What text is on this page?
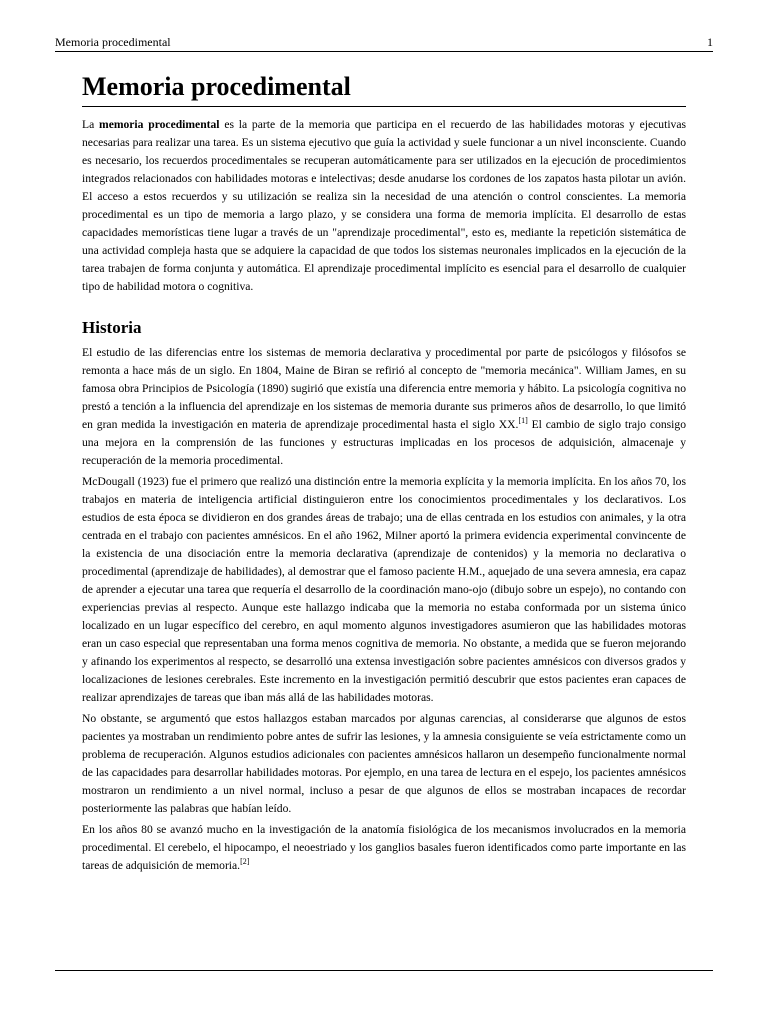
Memoria procedimental	1
Memoria procedimental

La memoria procedimental es la parte de la memoria que participa en el recuerdo de las habilidades motoras y ejecutivas necesarias para realizar una tarea. Es un sistema ejecutivo que guía la actividad y suele funcionar a un nivel inconsciente. Cuando es necesario, los recuerdos procedimentales se recuperan automáticamente para ser utilizados en la ejecución de procedimientos integrados relacionados con habilidades motoras e intelectivas; desde anudarse los cordones de los zapatos hasta pilotar un avión. El acceso a estos recuerdos y su utilización se realiza sin la necesidad de una atención o control conscientes. La memoria procedimental es un tipo de memoria a largo plazo, y se considera una forma de memoria implícita. El desarrollo de estas capacidades memorísticas tiene lugar a través de un "aprendizaje procedimental", esto es, mediante la repetición sistemática de una actividad compleja hasta que se adquiere la capacidad de que todos los sistemas neuronales implicados en la ejecución de la tarea trabajen de forma conjunta y automática. El aprendizaje procedimental implícito es esencial para el desarrollo de cualquier tipo de habilidad motora o cognitiva.

Historia

El estudio de las diferencias entre los sistemas de memoria declarativa y procedimental por parte de psicólogos y filósofos se remonta a hace más de un siglo. En 1804, Maine de Biran se refirió al concepto de "memoria mecánica". William James, en su famosa obra Principios de Psicología (1890) sugirió que existía una diferencia entre memoria y hábito. La psicología cognitiva no prestó a tención a la influencia del aprendizaje en los sistemas de memoria durante sus primeros años de desarrollo, lo que limitó en gran medida la investigación en materia de aprendizaje procedimental hasta el siglo XX.[1] El cambio de siglo trajo consigo una mejora en la comprensión de las funciones y estructuras implicadas en los procesos de adquisición, almacenaje y recuperación de la memoria procedimental.

McDougall (1923) fue el primero que realizó una distinción entre la memoria explícita y la memoria implícita. En los años 70, los trabajos en materia de inteligencia artificial distinguieron entre los conocimientos procedimentales y los declarativos. Los estudios de esta época se dividieron en dos grandes áreas de trabajo; una de ellas centrada en los estudios con animales, y la otra centrada en el trabajo con pacientes amnésicos. En el año 1962, Milner aportó la primera evidencia experimental convincente de la existencia de una disociación entre la memoria declarativa (aprendizaje de contenidos) y la memoria no declarativa o procedimental (aprendizaje de habilidades), al demostrar que el famoso paciente H.M., aquejado de una severa amnesia, era capaz de aprender a ejecutar una tarea que requería el desarrollo de la coordinación mano-ojo (dibujo sobre un espejo), no contando con experiencias previas al respecto. Aunque este hallazgo indicaba que la memoria no estaba conformada por un sistema único localizado en un lugar específico del cerebro, en aqul momento algunos investigadores asumieron que las habilidades motoras eran un caso especial que representaban una forma menos cognitiva de memoria. No obstante, a medida que se fueron mejorando y afinando los experimentos al respecto, se desarrolló una extensa investigación sobre pacientes amnésicos con diversos grados y localizaciones de lesiones cerebrales. Este incremento en la investigación permitió descubrir que estos pacientes eran capaces de realizar aprendizajes de tareas que iban más allá de las habilidades motoras.

No obstante, se argumentó que estos hallazgos estaban marcados por algunas carencias, al considerarse que algunos de estos pacientes ya mostraban un rendimiento pobre antes de sufrir las lesiones, y la amnesia consiguiente se veía estrictamente como un problema de recuperación. Algunos estudios adicionales con pacientes amnésicos hallaron un desempeño funcionalmente normal de las capacidades para desarrollar habilidades motoras. Por ejemplo, en una tarea de lectura en el espejo, los pacientes amnésicos mostraron un rendimiento a un nivel normal, incluso a pesar de que algunos de ellos se mostraban incapaces de recordar posteriormente las palabras que habían leído.

En los años 80 se avanzó mucho en la investigación de la anatomía fisiológica de los mecanismos involucrados en la memoria procedimental. El cerebelo, el hipocampo, el neoestriado y los ganglios basales fueron identificados como parte importante en las tareas de adquisición de memoria.[2]
